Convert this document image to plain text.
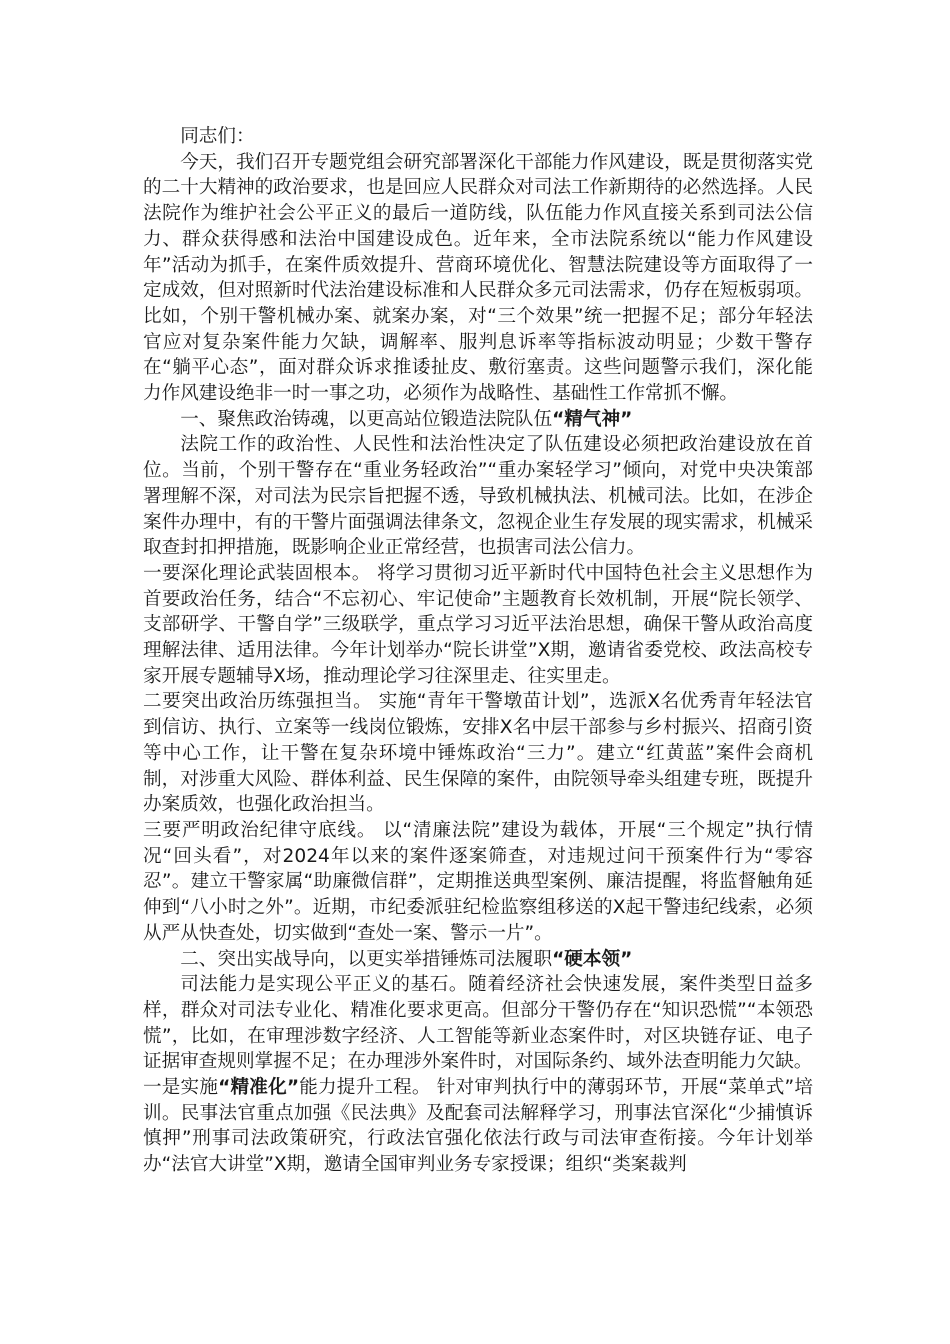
同志们：

今天，我们召开专题党组会研究部署深化干部能力作风建设，既是贯彻落实党的二十大精神的政治要求，也是回应人民群众对司法工作新期待的必然选择。人民法院作为维护社会公平正义的最后一道防线，队伍能力作风直接关系到司法公信力、群众获得感和法治中国建设成色。近年来，全市法院系统以“能力作风建设年”活动为抓手，在案件质效提升、营商环境优化、智慧法院建设等方面取得了一定成效，但对照新时代法治建设标准和人民群众多元司法需求，仍存在短板弱项。比如，个别干警机械办案、就案办案，对“三个效果”统一把握不足；部分年轻法官应对复杂案件能力欠缺，调解率、服判息诉率等指标波动明显；少数干警存在“躺平心态”，面对群众诉求推诿扯皮、敷衍塞责。这些问题警示我们，深化能力作风建设绝非一时一事之功，必须作为战略性、基础性工作常抓不懈。

一、聚焦政治铸魂，以更高站位锻造法院队伍“精气神”

法院工作的政治性、人民性和法治性决定了队伍建设必须把政治建设放在首位。当前，个别干警存在“重业务轻政治”“重办案轻学习”倾向，对党中央决策部署理解不深，对司法为民宗旨把握不透，导致机械执法、机械司法。比如，在涉企案件办理中，有的干警片面强调法律条文，忽视企业生存发展的现实需求，机械采取查封扣押措施，既影响企业正常经营，也损害司法公信力。

一要深化理论武装固根本。 将学习贯彻习近平新时代中国特色社会主义思想作为首要政治任务，结合“不忘初心、牢记使命”主题教育长效机制，开展“院长领学、支部研学、干警自学”三级联学，重点学习习近平法治思想，确保干警从政治高度理解法律、适用法律。今年计划举办“院长讲堂”X期，邀请省委党校、政法高校专家开展专题辅导X场，推动理论学习往深里走、往实里走。

二要突出政治历练强担当。 实施“青年干警墩苗计划”，选派X名优秀青年轻法官到信访、执行、立案等一线岗位锻炼，安排X名中层干部参与乡村振兴、招商引资等中心工作，让干警在复杂环境中锤炼政治“三力”。建立“红黄蓝”案件会商机制，对涉重大风险、群体利益、民生保障的案件，由院领导牵头组建专班，既提升办案质效，也强化政治担当。

三要严明政治纪律守底线。 以“清廉法院”建设为载体，开展“三个规定”执行情况“回头看”，对2024年以来的案件逐案筛查，对违规过问干预案件行为“零容忍”。建立干警家属“助廉微信群”，定期推送典型案例、廉洁提醒，将监督触角延伸到“八小时之外”。近期，市纪委派驻纪检监察组移送的X起干警违纪线索，必须从严从快查处，切实做到“查处一案、警示一片”。

二、突出实战导向，以更实举措锤炼司法履职“硬本领”

司法能力是实现公平正义的基石。随着经济社会快速发展，案件类型日益多样，群众对司法专业化、精准化要求更高。但部分干警仍存在“知识恐慌”“本领恐慌”，比如，在审理涉数字经济、人工智能等新业态案件时，对区块链存证、电子证据审查规则掌握不足；在办理涉外案件时，对国际条约、域外法查明能力欠缺。

一是实施“精准化”能力提升工程。 针对审判执行中的薄弱环节，开展“菜单式”培训。民事法官重点加强《民法典》及配套司法解释学习，刑事法官深化“少捕慎诉慎押”刑事司法政策研究，行政法官强化依法行政与司法审查衔接。今年计划举办“法官大讲堂”X期，邀请全国审判业务专家授课；组织“类案裁判
